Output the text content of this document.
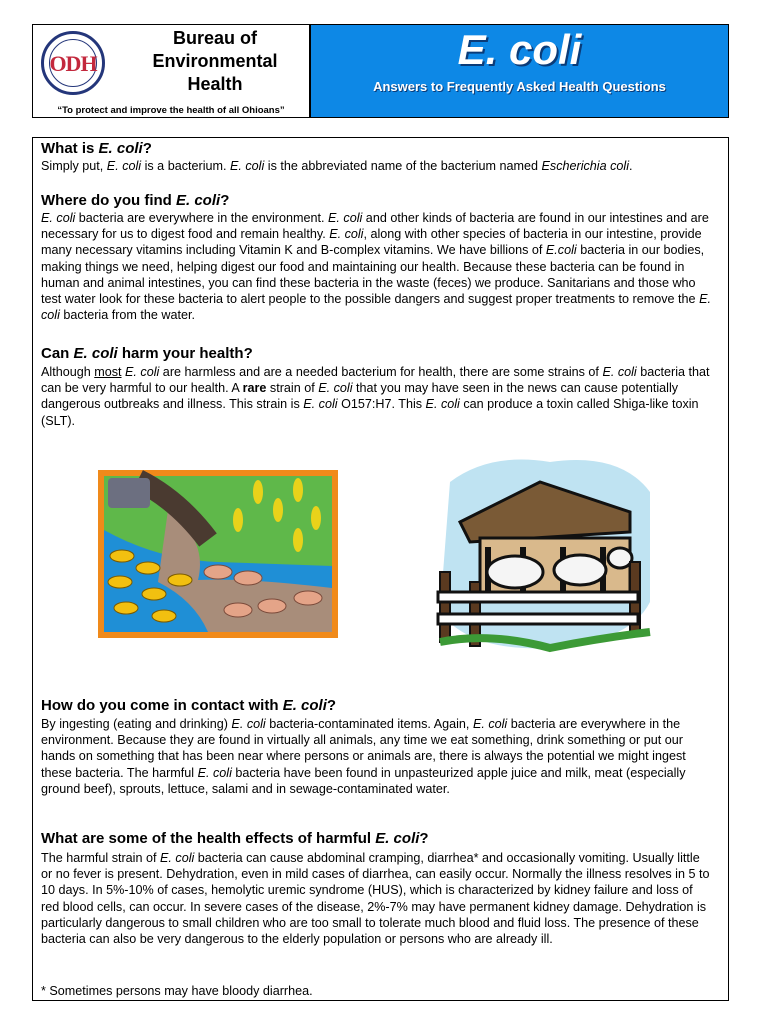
ODH
Bureau of
Environmental
Health
“To protect and improve the health of all Ohioans”
E. coli
Answers to Frequently Asked Health Questions
What is E. coli?

Simply put, E. coli is a bacterium. E. coli is the abbreviated name of the bacterium named Escherichia coli.

Where do you find E. coli?

E. coli bacteria are everywhere in the environment. E. coli and other kinds of bacteria are found in our intestines and are necessary for us to digest food and remain healthy. E. coli, along with other species of bacteria in our intestine, provide many necessary vitamins including Vitamin K and B-complex vitamins. We have billions of E.coli bacteria in our bodies, making things we need, helping digest our food and maintaining our health. Because these bacteria can be found in human and animal intestines, you can find these bacteria in the waste (feces) we produce. Sanitarians and those who test water look for these bacteria to alert people to the possible dangers and suggest proper treatments to remove the E. coli bacteria from the water.

Can E. coli harm your health?

Although most E. coli are harmless and are a needed bacterium for health, there are some strains of E. coli bacteria that can be very harmful to our health. A rare strain of E. coli that you may have seen in the news can cause potentially dangerous outbreaks and illness. This strain is E. coli O157:H7. This E. coli can produce a toxin called Shiga-like toxin (SLT).

How do you come in contact with E. coli?

By ingesting (eating and drinking) E. coli bacteria-contaminated items. Again, E. coli bacteria are everywhere in the environment. Because they are found in virtually all animals, any time we eat something, drink something or put our hands on something that has been near where persons or animals are, there is always the potential we might ingest these bacteria. The harmful E. coli bacteria have been found in unpasteurized apple juice and milk, meat (especially ground beef), sprouts, lettuce, salami and in sewage-contaminated water.

What are some of the health effects of harmful E. coli?

The harmful strain of E. coli bacteria can cause abdominal cramping, diarrhea* and occasionally vomiting. Usually little or no fever is present. Dehydration, even in mild cases of diarrhea, can easily occur. Normally the illness resolves in 5 to 10 days. In 5%-10% of cases, hemolytic uremic syndrome (HUS), which is characterized by kidney failure and loss of red blood cells, can occur. In severe cases of the disease, 2%-7% may have permanent kidney damage. Dehydration is particularly dangerous to small children who are too small to tolerate much blood and fluid loss. The presence of these bacteria can also be very dangerous to the elderly population or persons who are already ill.

* Sometimes persons may have bloody diarrhea.
